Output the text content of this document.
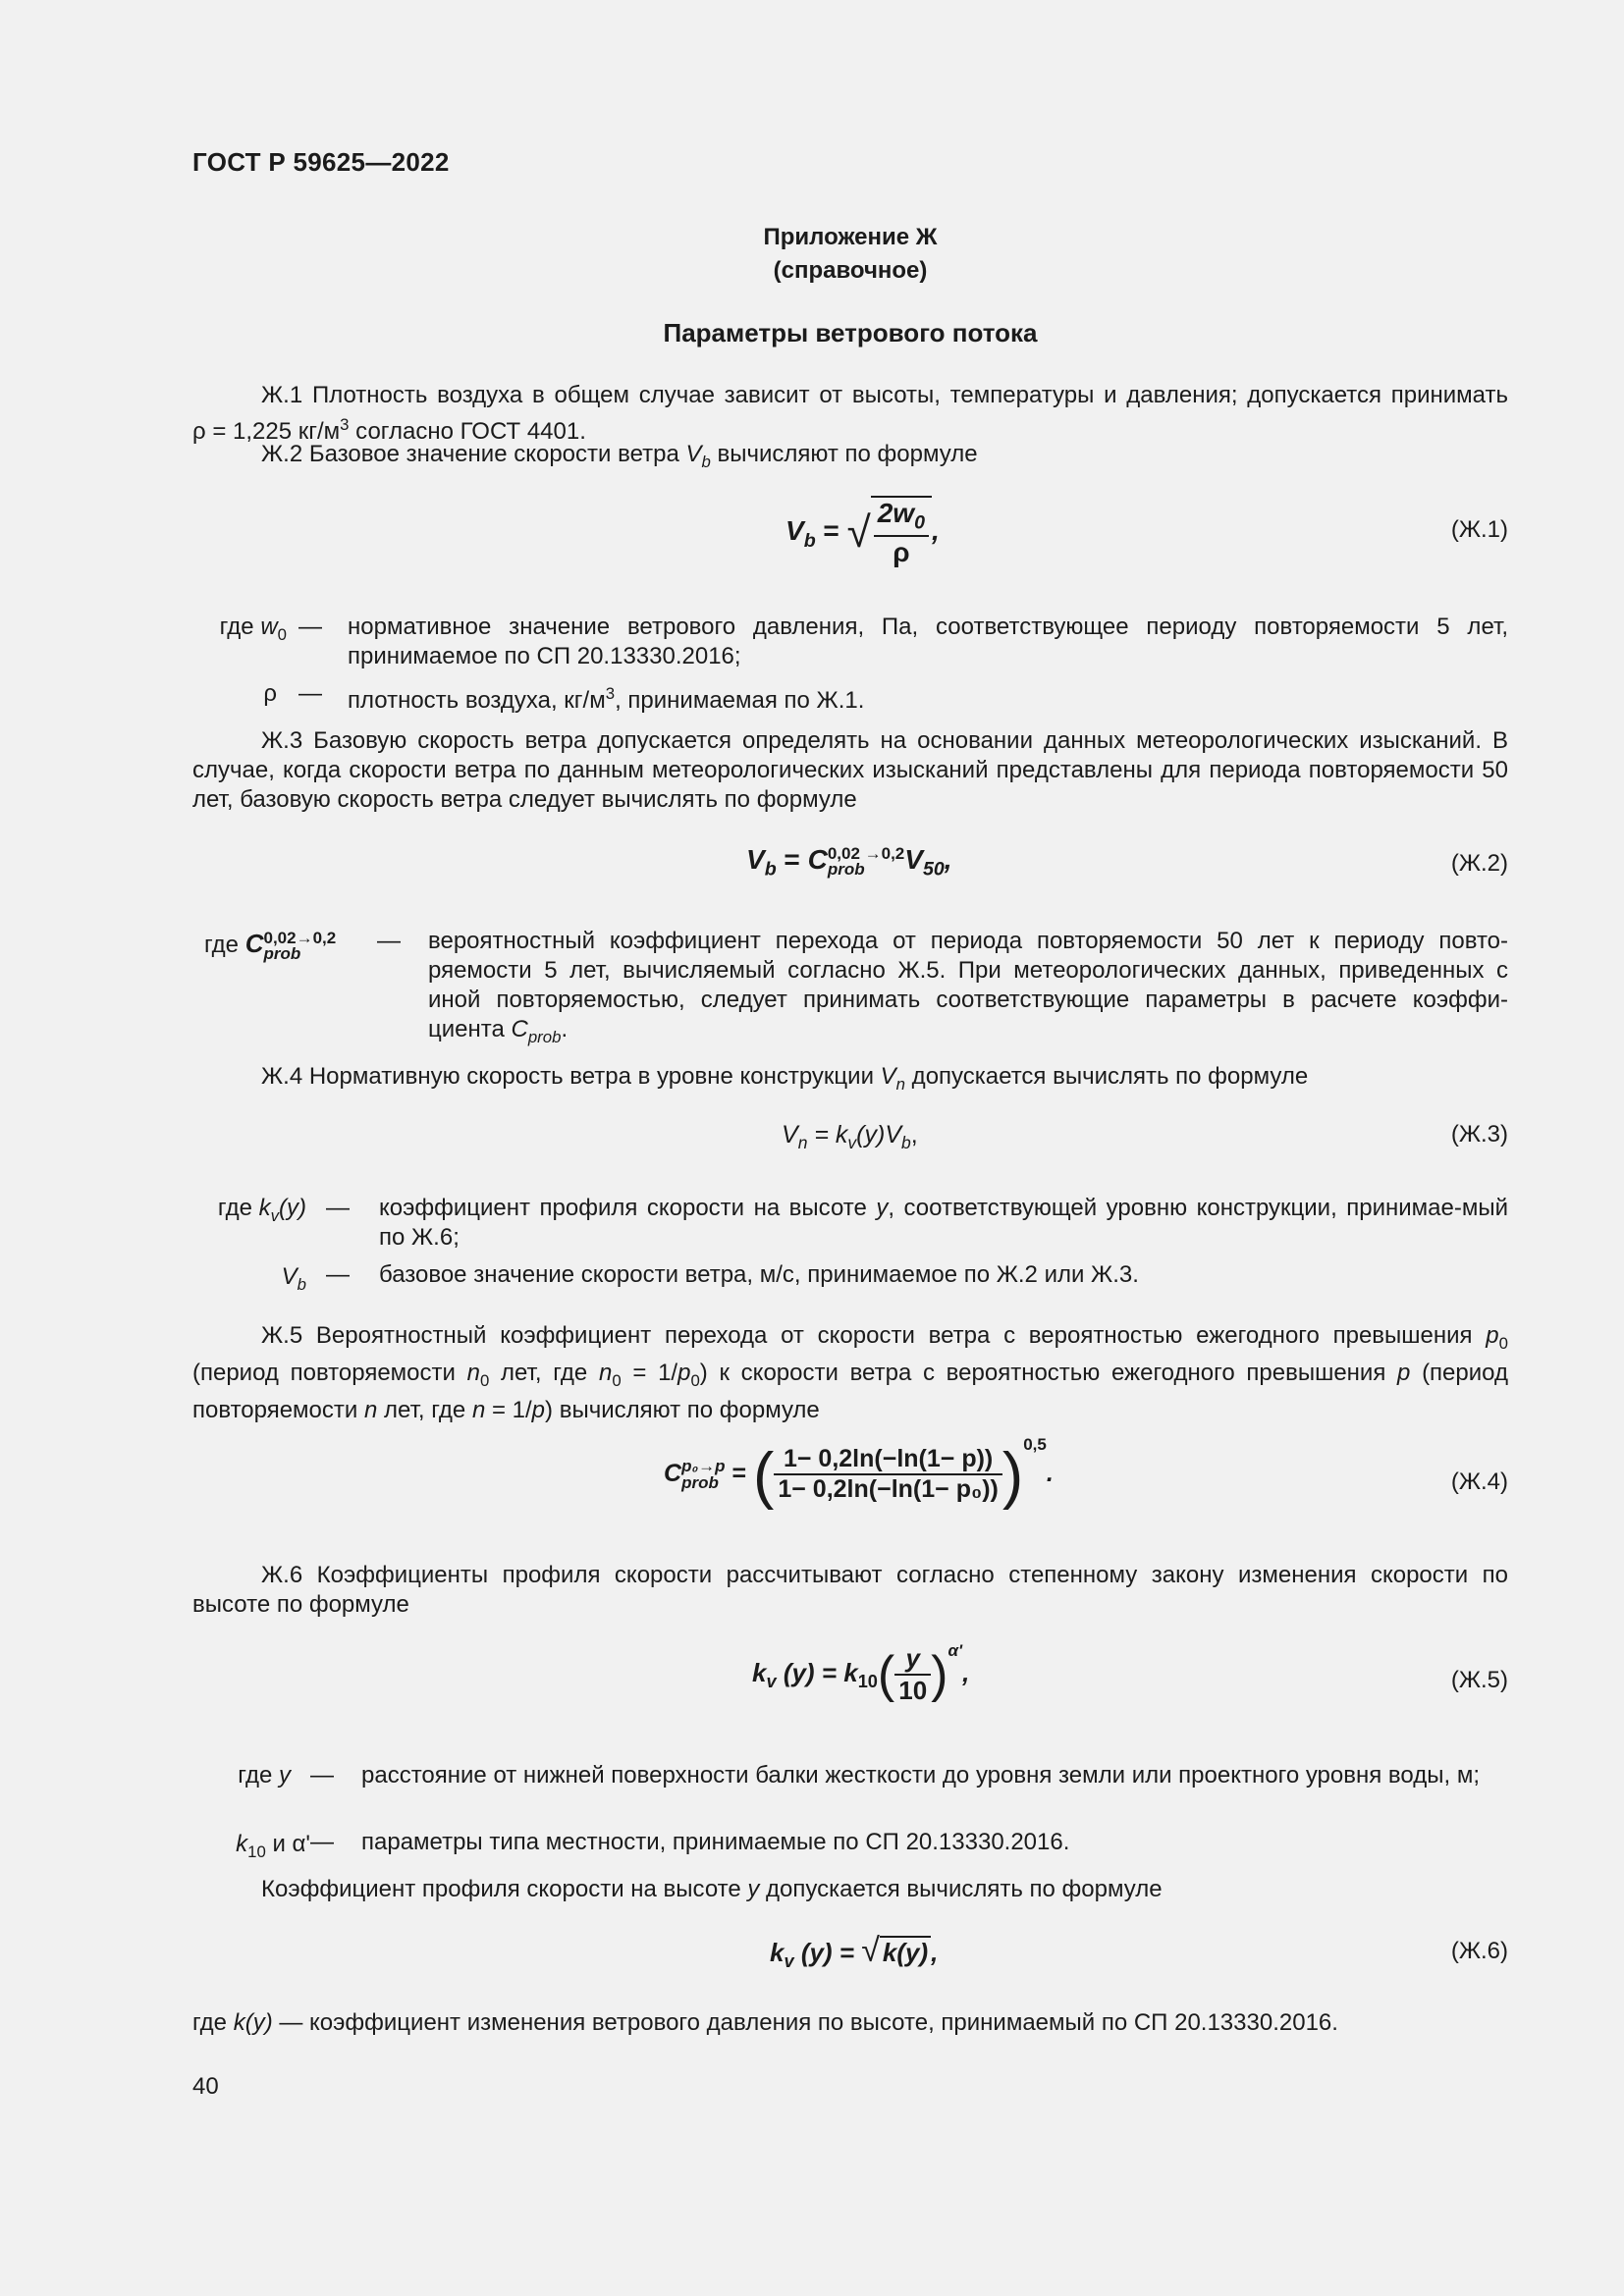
ГОСТ Р 59625—2022
Приложение Ж
(справочное)
Параметры ветрового потока
Ж.1 Плотность воздуха в общем случае зависит от высоты, температуры и давления; допускается принимать ρ = 1,225 $кг/м^3$ согласно ГОСТ 4401.
Ж.2 Базовое значение скорости ветра $V_b$ вычисляют по формуле
$V_b$ = √ $\frac{2w_0}{\rho}$ ,	(Ж.1)
где $w_0$ — нормативное значение ветрового давления, Па, соответствующее периоду повторяемости 5 лет, принимаемое по СП 20.13330.2016;
ρ — плотность воздуха, $кг/м^3$, принимаемая по Ж.1.
Ж.3 Базовую скорость ветра допускается определять на основании данных метеорологических изысканий. В случае, когда скорости ветра по данным метеорологических изысканий представлены для периода повторяемости 50 лет, базовую скорость ветра следует вычислять по формуле
$V_b = C$ 0,02 →0,2
prob	$V_{50}$,	(Ж.2)
где C 0,02→0,2
prob	— вероятностный коэффициент перехода от периода повторяемости 50 лет к периоду повто-ряемости 5 лет, вычисляемый согласно Ж.5. При метеорологических данных, приведенных с иной повторяемостью, следует принимать соответствующие параметры в расчете коэффи-циента $C_{prob}$.
Ж.4 Нормативную скорость ветра в уровне конструкции $V_n$ допускается вычислять по формуле
$V_n = k_v(y)V_b$,	(Ж.3)
где $k_v(y)$ — коэффициент профиля скорости на высоте y, соответствующей уровню конструкции, принимае-мый по Ж.6;
$V_b$ — базовое значение скорости ветра, м/с, принимаемое по Ж.2 или Ж.3.
Ж.5 Вероятностный коэффициент перехода от скорости ветра с вероятностью ежегодного превышения $p_0$ (период повторяемости $n_0$ лет, где $n_0 = 1/p_0$) к скорости ветра с вероятностью ежегодного превышения p (период повторяемости n лет, где n = 1/p) вычисляют по формуле
C p₀→p
prob = ( $\frac{1- 0,2\ln(-\ln(1- p))}{\text{1− 0,2ln(−ln(1− p₀))}} )^{0,5}$.	(Ж.4)
Ж.6 Коэффициенты профиля скорости рассчитывают согласно степенному закону изменения скорости по высоте по формуле
$k_v$ $(y) = k_{10}( \frac{y}{10} )^{\alpha'}$,	(Ж.5)
где y — расстояние от нижней поверхности балки жесткости до уровня земли или проектного уровня воды, м;
$k_{10}$ и α' — параметры типа местности, принимаемые по СП 20.13330.2016.
Коэффициент профиля скорости на высоте y допускается вычислять по формуле
$k_v$ (y) = √ k(y) ,	(Ж.6)
где k(y) — коэффициент изменения ветрового давления по высоте, принимаемый по СП 20.13330.2016.
40
